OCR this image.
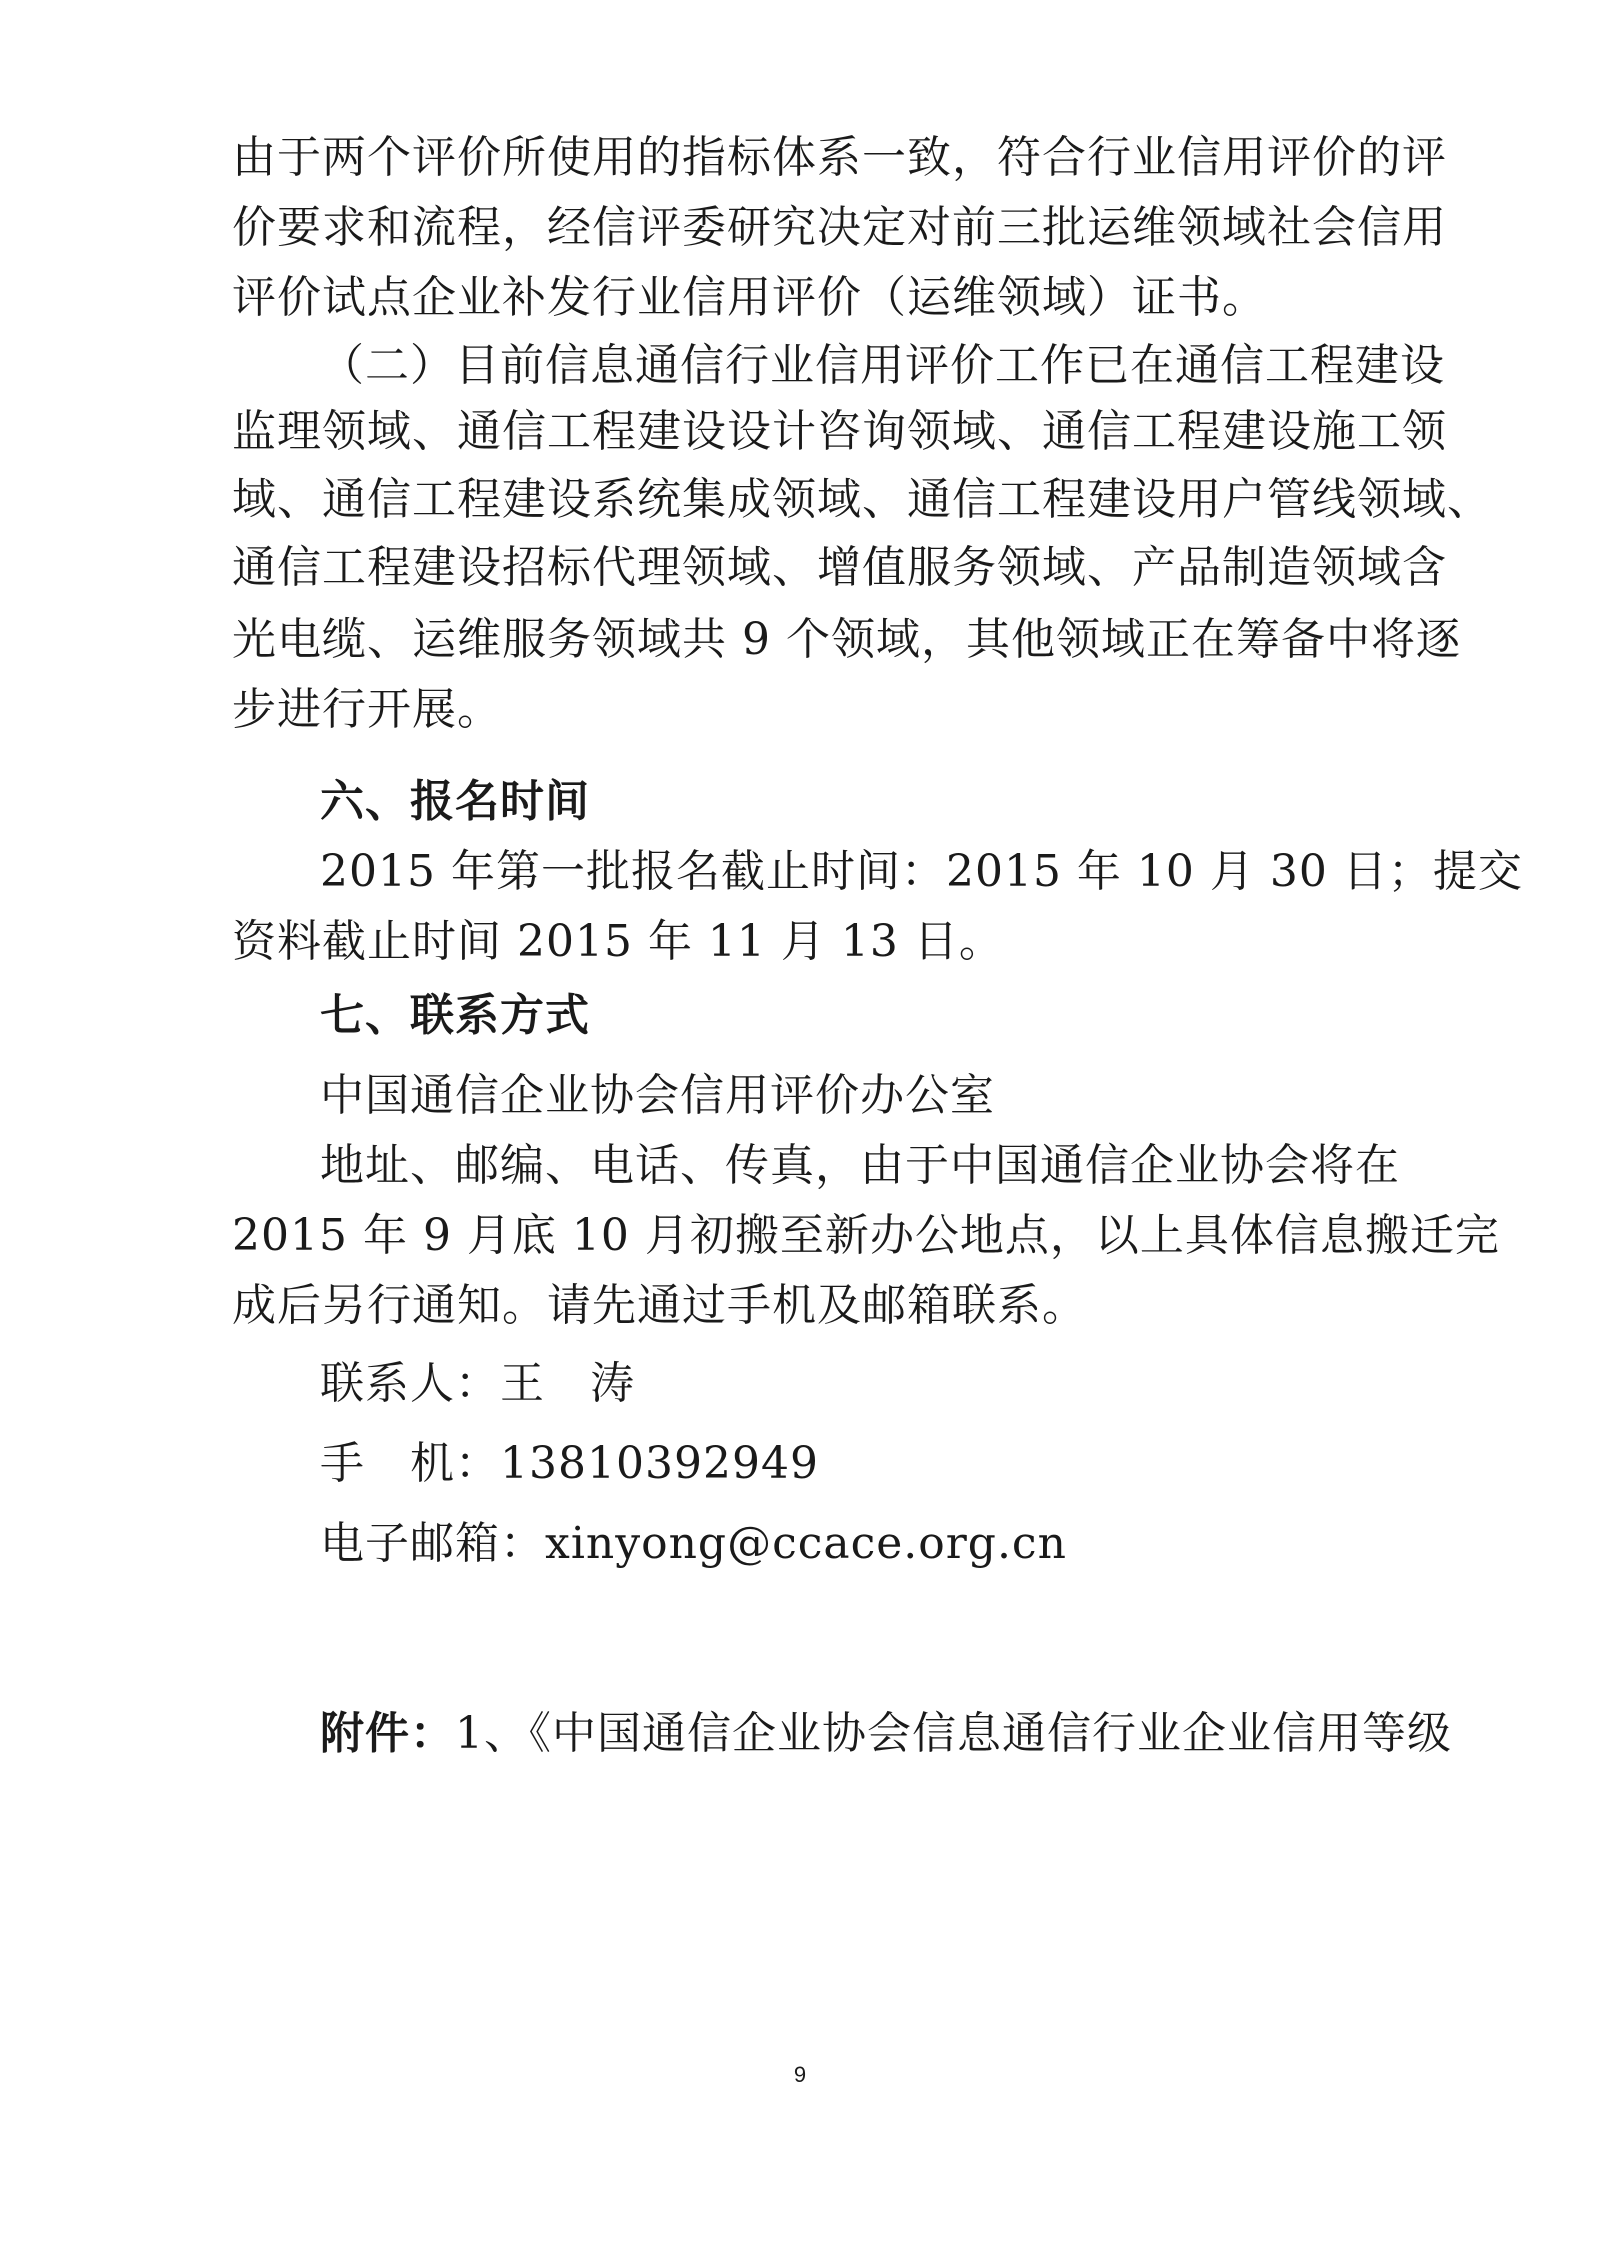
由于两个评价所使用的指标体系一致，符合行业信用评价的评
价要求和流程，经信评委研究决定对前三批运维领域社会信用
评价试点企业补发行业信用评价（运维领域）证书。
（二）目前信息通信行业信用评价工作已在通信工程建设
监理领域、通信工程建设设计咨询领域、通信工程建设施工领
域、通信工程建设系统集成领域、通信工程建设用户管线领域、
通信工程建设招标代理领域、增值服务领域、产品制造领域含
光电缆、运维服务领域共 9 个领域，其他领域正在筹备中将逐
步进行开展。
六、报名时间
2015 年第一批报名截止时间：2015 年 10 月 30 日；提交
资料截止时间 2015 年 11 月 13 日。
七、联系方式
中国通信企业协会信用评价办公室
地址、邮编、电话、传真，由于中国通信企业协会将在
2015 年 9 月底 10 月初搬至新办公地点，以上具体信息搬迁完
成后另行通知。请先通过手机及邮箱联系。
联系人：王　涛
手　机：13810392949
电子邮箱：xinyong@ccace.org.cn
附件：1、《中国通信企业协会信息通信行业企业信用等级
9
